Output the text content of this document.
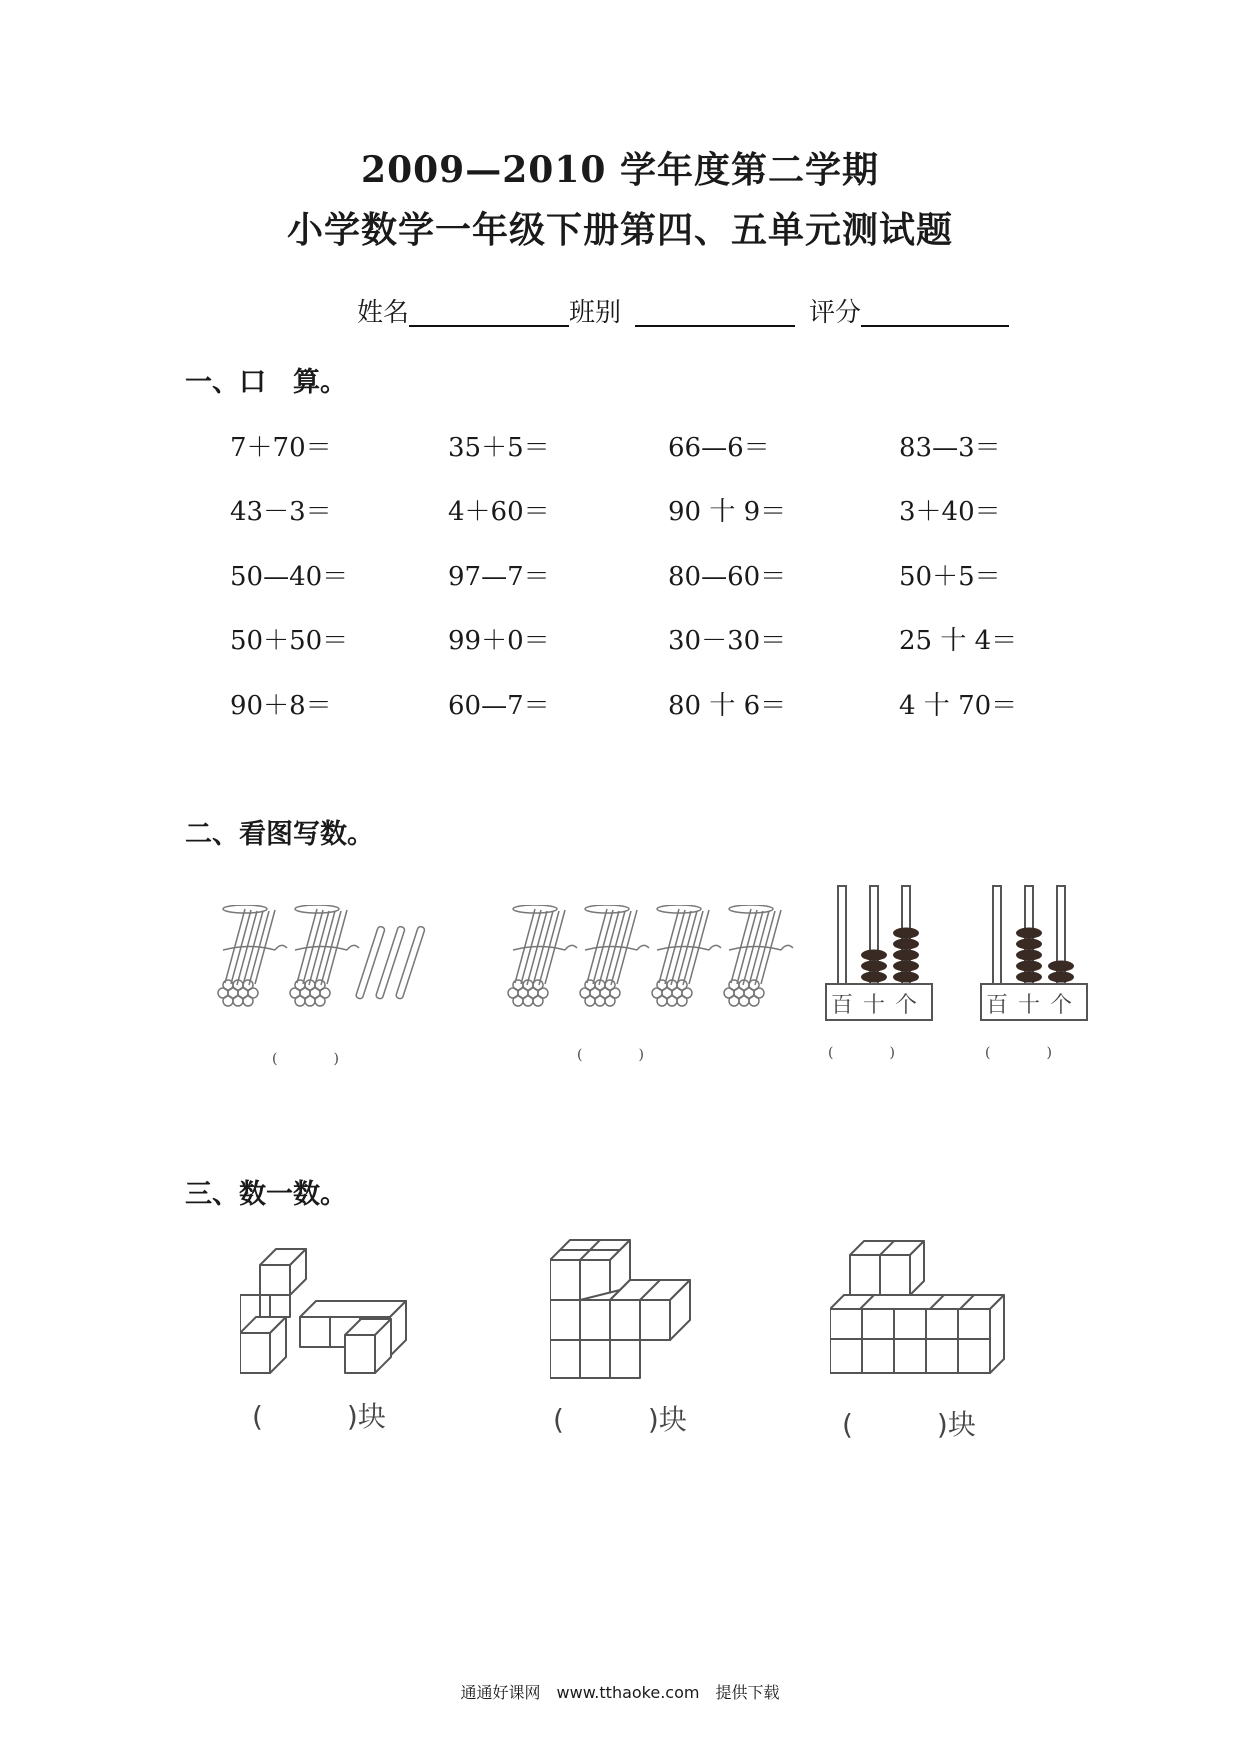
2009—2010 学年度第二学期
小学数学一年级下册第四、五单元测试题
姓名	班别	评分
一、口　算。
7＋70＝	35＋5＝	66—6＝	83—3＝
43－3＝	4＋60＝	90 十 9＝	3＋40＝
50—40＝	97—7＝	80—60＝	50＋5＝
50＋50＝	99＋0＝	30－30＝	25 十 4＝
90＋8＝	60—7＝	80 十 6＝	4 十 70＝
二、看图写数。
百 十 个	百 十 个
(　　　　)	(　　　　)	(　　　　)	(　　　　)
三、数一数。
(　　　)块	(　　　)块	(　　　)块
通通好课网　www.tthaoke.com　提供下载
